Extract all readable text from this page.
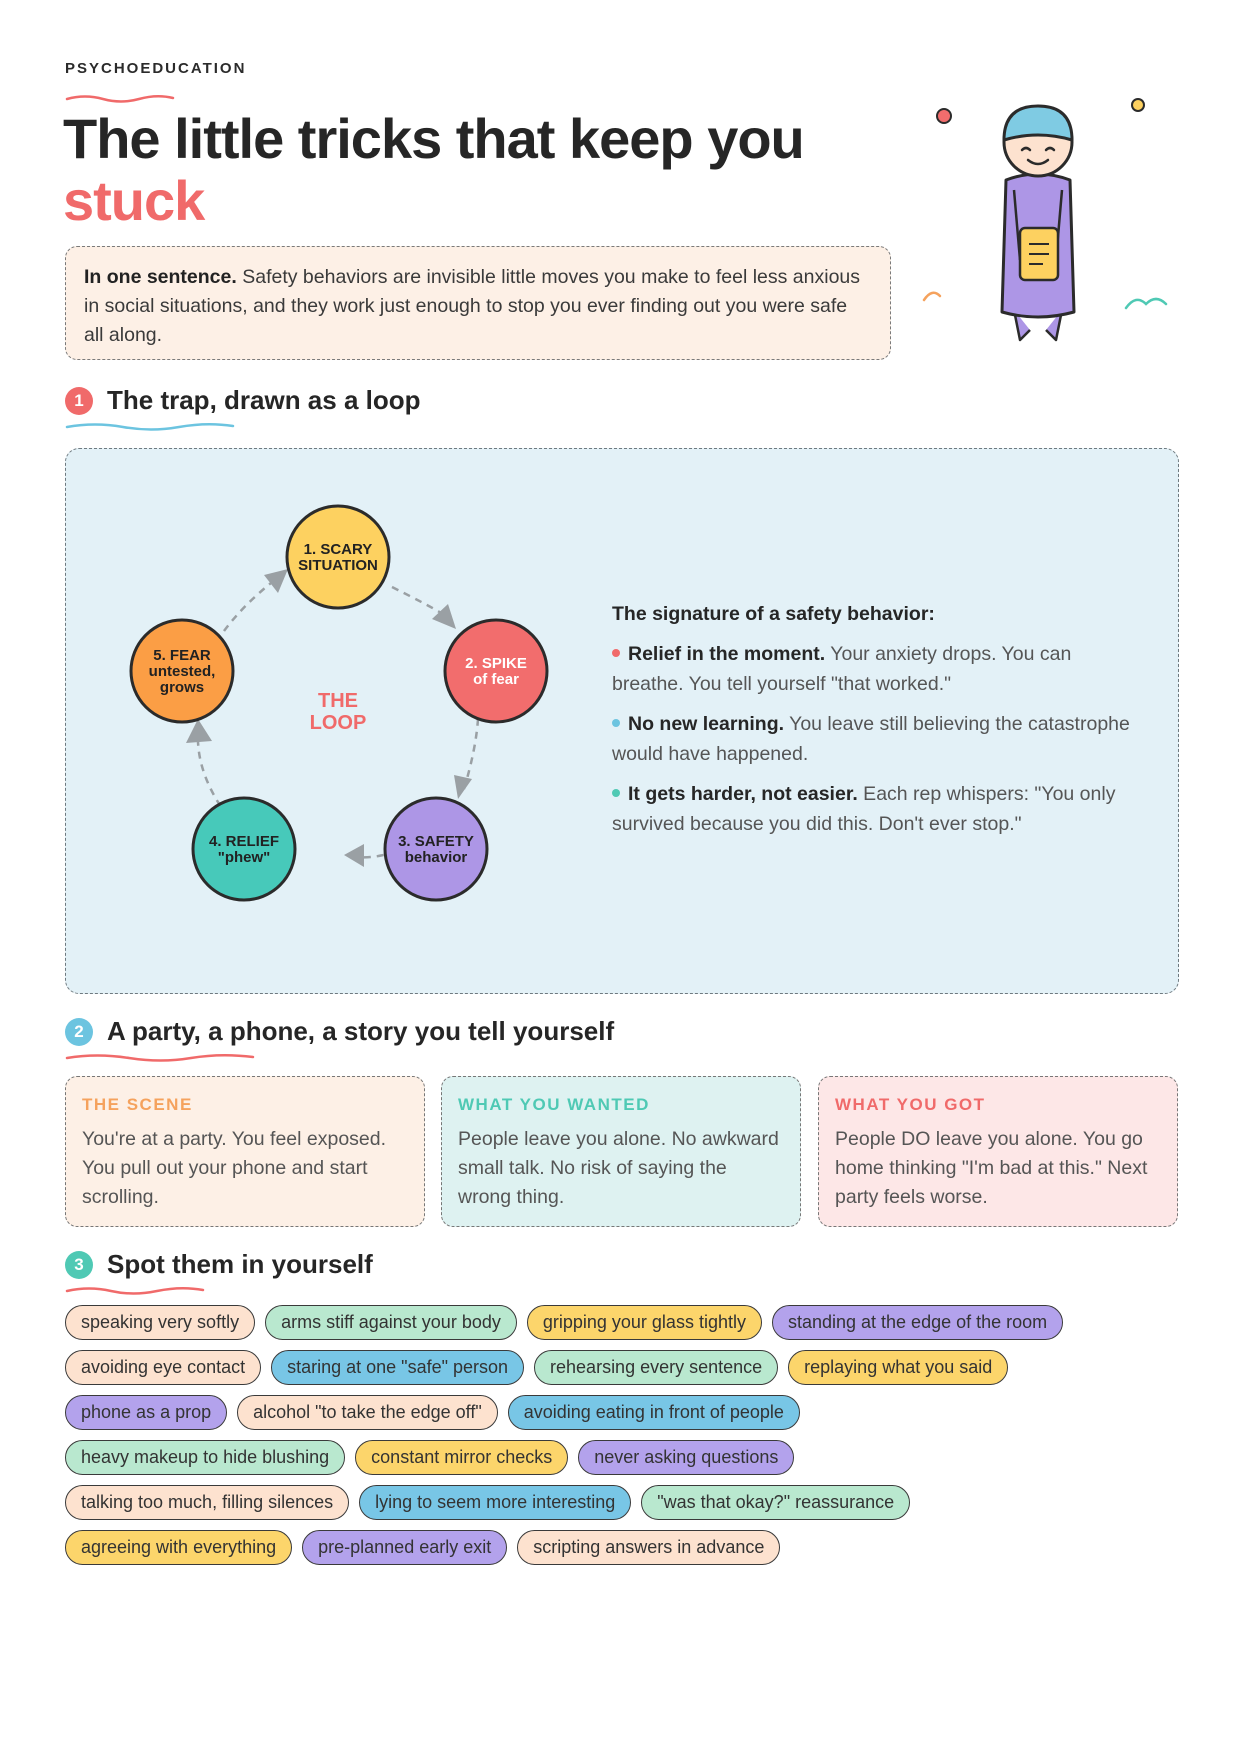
PSYCHOEDUCATION
The little tricks that keep you
stuck
In one sentence. Safety behaviors are invisible little moves you make to feel less anxious in social situations, and they work just enough to stop you ever finding out you were safe all along.
1 The trap, drawn as a loop
THE
LOOP
1. SCARY
SITUATION
2. SPIKE
of fear
3. SAFETY
behavior
4. RELIEF
"phew"
5. FEAR
untested,
grows
The signature of a safety behavior:

Relief in the moment. Your anxiety drops. You can breathe. You tell yourself "that worked."

No new learning. You leave still believing the catastrophe would have happened.

It gets harder, not easier. Each rep whispers: "You only survived because you did this. Don't ever stop."

2 A party, a phone, a story you tell yourself
THE SCENE
You're at a party. You feel exposed. You pull out your phone and start scrolling.
WHAT YOU WANTED
People leave you alone. No awkward small talk. No risk of saying the wrong thing.
WHAT YOU GOT
People DO leave you alone. You go home thinking "I'm bad at this." Next party feels worse.
3 Spot them in yourself
speaking very softly	arms stiff against your body	gripping your glass tightly	standing at the edge of the room
avoiding eye contact	staring at one "safe" person	rehearsing every sentence	replaying what you said
phone as a prop	alcohol "to take the edge off"	avoiding eating in front of people
heavy makeup to hide blushing	constant mirror checks	never asking questions
talking too much, filling silences	lying to seem more interesting	"was that okay?" reassurance
agreeing with everything	pre-planned early exit	scripting answers in advance
